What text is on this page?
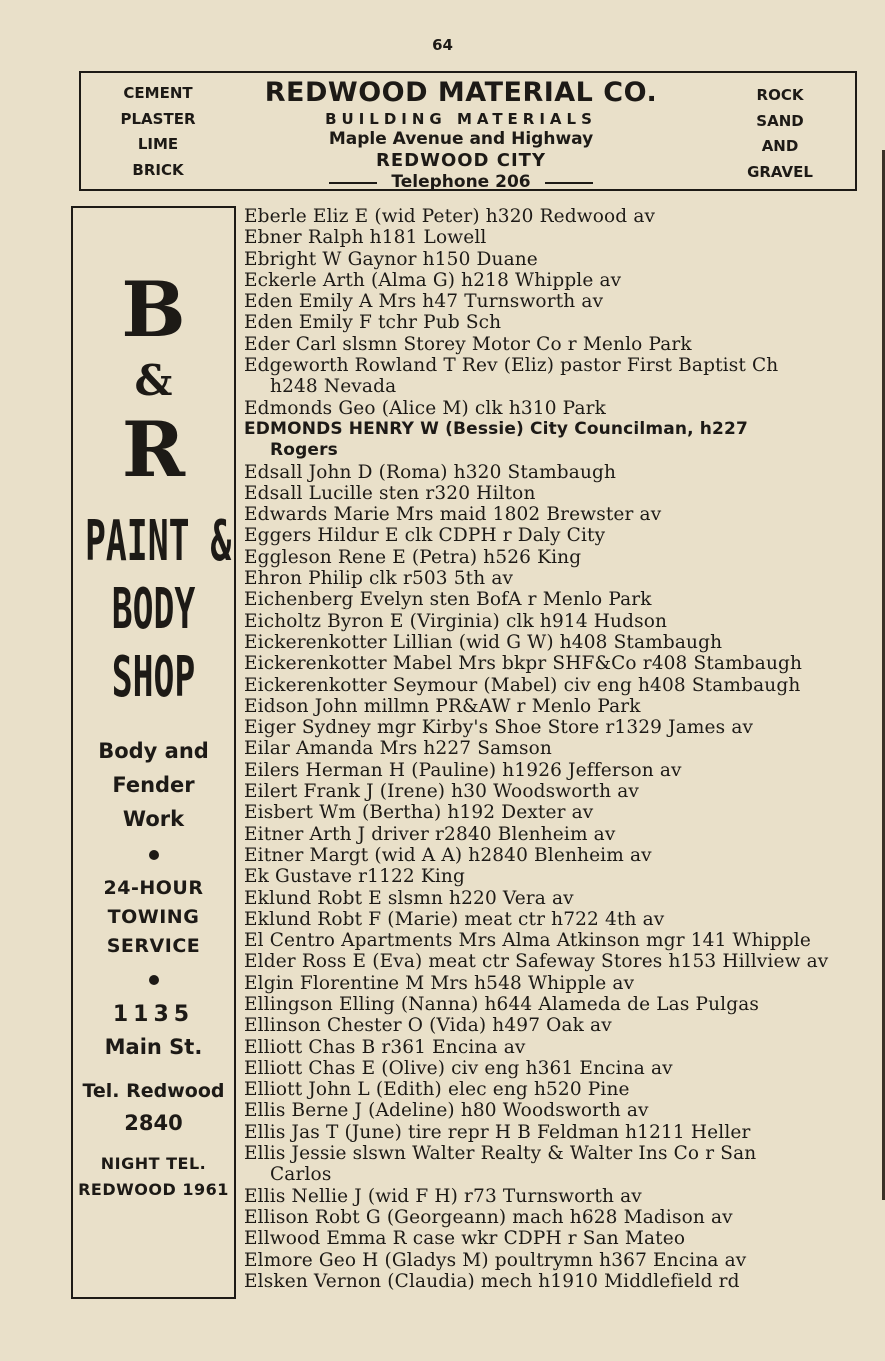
64
CEMENT
PLASTER
LIME
BRICK
REDWOOD MATERIAL CO.
BUILDING MATERIALS
Maple Avenue and Highway
REDWOOD CITY
Telephone 206
ROCK
SAND
AND
GRAVEL
B
&
R
PAINT &
BODY
SHOP
Body and
Fender
Work
24-HOUR
TOWING
SERVICE
1135
Main St.
Tel. Redwood
2840
NIGHT TEL.
REDWOOD 1961
Eberle Eliz E (wid Peter) h320 Redwood av
Ebner Ralph h181 Lowell
Ebright W Gaynor h150 Duane
Eckerle Arth (Alma G) h218 Whipple av
Eden Emily A Mrs h47 Turnsworth av
Eden Emily F tchr Pub Sch
Eder Carl slsmn Storey Motor Co r Menlo Park
Edgeworth Rowland T Rev (Eliz) pastor First Baptist Ch
h248 Nevada
Edmonds Geo (Alice M) clk h310 Park
EDMONDS HENRY W (Bessie) City Councilman, h227
Rogers
Edsall John D (Roma) h320 Stambaugh
Edsall Lucille sten r320 Hilton
Edwards Marie Mrs maid 1802 Brewster av
Eggers Hildur E clk CDPH r Daly City
Eggleson Rene E (Petra) h526 King
Ehron Philip clk r503 5th av
Eichenberg Evelyn sten BofA r Menlo Park
Eicholtz Byron E (Virginia) clk h914 Hudson
Eickerenkotter Lillian (wid G W) h408 Stambaugh
Eickerenkotter Mabel Mrs bkpr SHF&Co r408 Stambaugh
Eickerenkotter Seymour (Mabel) civ eng h408 Stambaugh
Eidson John millmn PR&AW r Menlo Park
Eiger Sydney mgr Kirby's Shoe Store r1329 James av
Eilar Amanda Mrs h227 Samson
Eilers Herman H (Pauline) h1926 Jefferson av
Eilert Frank J (Irene) h30 Woodsworth av
Eisbert Wm (Bertha) h192 Dexter av
Eitner Arth J driver r2840 Blenheim av
Eitner Margt (wid A A) h2840 Blenheim av
Ek Gustave r1122 King
Eklund Robt E slsmn h220 Vera av
Eklund Robt F (Marie) meat ctr h722 4th av
El Centro Apartments Mrs Alma Atkinson mgr 141 Whipple
Elder Ross E (Eva) meat ctr Safeway Stores h153 Hillview av
Elgin Florentine M Mrs h548 Whipple av
Ellingson Elling (Nanna) h644 Alameda de Las Pulgas
Ellinson Chester O (Vida) h497 Oak av
Elliott Chas B r361 Encina av
Elliott Chas E (Olive) civ eng h361 Encina av
Elliott John L (Edith) elec eng h520 Pine
Ellis Berne J (Adeline) h80 Woodsworth av
Ellis Jas T (June) tire repr H B Feldman h1211 Heller
Ellis Jessie slswn Walter Realty & Walter Ins Co r San
Carlos
Ellis Nellie J (wid F H) r73 Turnsworth av
Ellison Robt G (Georgeann) mach h628 Madison av
Ellwood Emma R case wkr CDPH r San Mateo
Elmore Geo H (Gladys M) poultrymn h367 Encina av
Elsken Vernon (Claudia) mech h1910 Middlefield rd
